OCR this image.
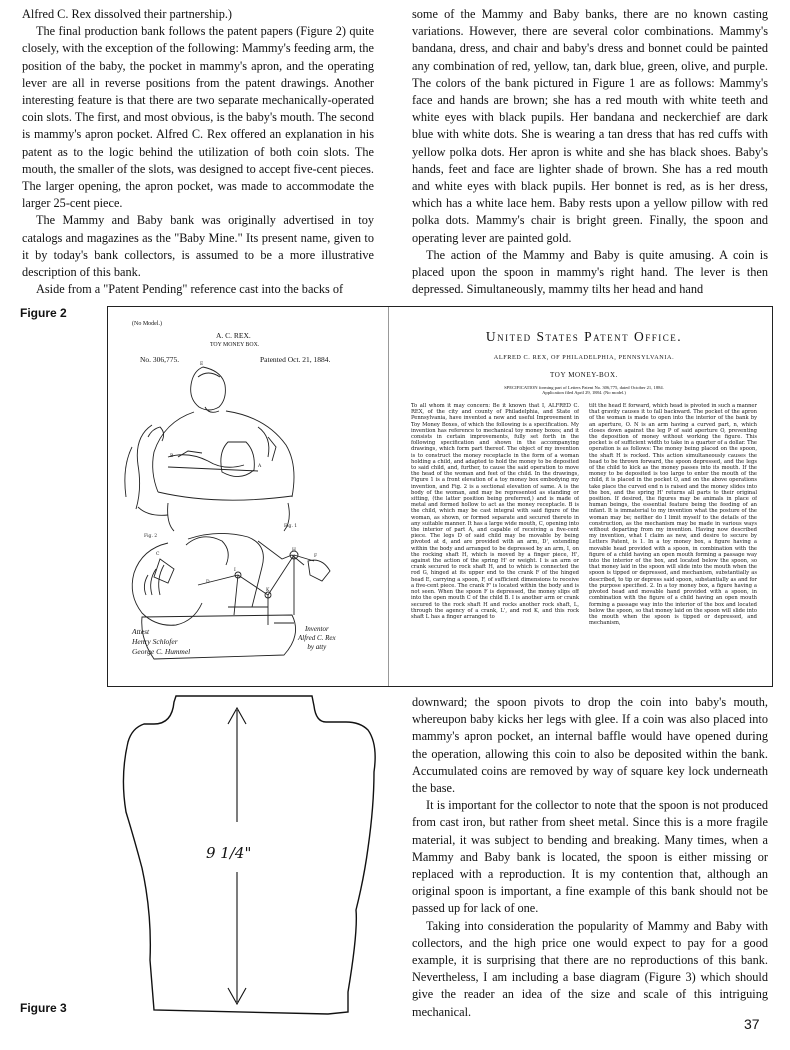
Alfred C. Rex dissolved their partnership.)

The final production bank follows the patent papers (Figure 2) quite closely, with the exception of the following: Mammy's feeding arm, the position of the baby, the pocket in mammy's apron, and the operating lever are all in reverse positions from the patent drawings. Another interesting feature is that there are two separate mechanically-operated coin slots. The first, and most obvious, is the baby's mouth. The second is mammy's apron pocket. Alfred C. Rex offered an explanation in his patent as to the logic behind the utilization of both coin slots. The mouth, the smaller of the slots, was designed to accept five-cent pieces. The larger opening, the apron pocket, was made to accommodate the larger 25-cent piece.

The Mammy and Baby bank was originally advertised in toy catalogs and magazines as the "Baby Mine." Its present name, given to it by today's bank collectors, is assumed to be a more illustrative description of this bank.

Aside from a "Patent Pending" reference cast into the backs of

some of the Mammy and Baby banks, there are no known casting variations. However, there are several color combinations. Mammy's bandana, dress, and chair and baby's dress and bonnet could be painted any combination of red, yellow, tan, dark blue, green, olive, and purple. The colors of the bank pictured in Figure 1 are as follows: Mammy's face and hands are brown; she has a red mouth with white teeth and white eyes with black pupils. Her bandana and neckerchief are dark blue with white dots. She is wearing a tan dress that has red cuffs with yellow polka dots. Her apron is white and she has black shoes. Baby's hands, feet and face are lighter shade of brown. She has a red mouth and white eyes with black pupils. Her bonnet is red, as is her dress, which has a white lace hem. Baby rests upon a yellow pillow with red polka dots. Mammy's chair is bright green. Finally, the spoon and operating lever are painted gold.

The action of the Mammy and Baby is quite amusing. A coin is placed upon the spoon in mammy's right hand. The lever is then depressed. Simultaneously, mammy tilts her head and hand

Figure 2
(No Model.)
A. C. REX.
TOY MONEY BOX.
No. 306,775.	Patented Oct. 21, 1884.
Fig. 1
Fig. 2
E
A
B
H
I
K
F
C
D
Attest
Henry Schlofer
George C. Hummel
Inventor
Alfred C. Rex
by atty
United States Patent Office.
ALFRED C. REX, OF PHILADELPHIA, PENNSYLVANIA.
TOY MONEY-BOX.
SPECIFICATION forming part of Letters Patent No. 306,775, dated October 21, 1884.
Application filed April 29, 1884. (No model.)
To all whom it may concern: Be it known that I, ALFRED C. REX, of the city and county of Philadelphia, and State of Pennsylvania, have invented a new and useful Improvement in Toy Money Boxes, of which the following is a specification. My invention has reference to mechanical toy money boxes; and it consists in certain improvements, fully set forth in the following specification and shown in the accompanying drawings, which form part thereof. The object of my invention is to construct the money receptacle in the form of a woman holding a child, and adapted to hold the money to be deposited to said child, and, further, to cause the said operation to move the head of the woman and feet of the child. In the drawings, Figure 1 is a front elevation of a toy money box embodying my invention, and Fig. 2 is a sectional elevation of same. A is the body of the woman, and may be represented as standing or sitting, (the latter position being preferred,) and is made of metal and formed hollow to act as the money receptacle. B is the child, which may be cast integral with said figure of the woman, as shown, or formed separate and secured thereto in any suitable manner. It has a large wide mouth, C, opening into the interior of part A, and capable of receiving a five-cent piece. The legs D of said child may be movable by being pivoted at d, and are provided with an arm, D', extending within the body and arranged to be depressed by an arm, I, on the rocking shaft H, which is moved by a finger piece, H', against the action of the spring H' or weight. I is an arm or crank secured to rock shaft H, and to which is connected the rod G, hinged at its upper end to the crank F of the hinged head E, carrying a spoon, F, of sufficient dimensions to receive a five-cent piece. The crank F' is located within the body and is not seen. When the spoon F is depressed, the money slips off into the open mouth C of the child B. I is another arm or crank secured to the rock shaft H and rocks another rock shaft, L, through the agency of a crank, L', and rod K, and this rock shaft L has a finger arranged to
tilt the head E forward, which head is pivoted in such a manner that gravity causes it to fall backward. The pocket of the apron of the woman is made to open into the interior of the bank by an aperture, O. N is an arm having a curved part, n, which closes down against the leg P of said aperture O, preventing the deposition of money without working the figure. This pocket is of sufficient width to take in a quarter of a dollar. The operation is as follows: The money being placed on the spoon, the shaft H is rocked. This action simultaneously causes the head to be thrown forward, the spoon depressed, and the legs of the child to kick as the money passes into its mouth. If the money to be deposited is too large to enter the mouth of the child, it is placed in the pocket O, and on the above operations take place the curved end n is raised and the money slides into the box, and the spring H' returns all parts to their original position. If desired, the figures may be animals in place of human beings, the essential feature being the feeding of an infant. It is immaterial to my invention what the posture of the woman may be; neither do I limit myself to the details of the construction, as the mechanism may be made in various ways without departing from my invention. Having now described my invention, what I claim as new, and desire to secure by Letters Patent, is 1. In a toy money box, a figure having a movable head provided with a spoon, in combination with the figure of a child having an open mouth forming a passage way into the interior of the box, and located below the spoon, so that money laid in the spoon will slide into the mouth when the spoon is tipped or depressed, and mechanism, substantially as described, to tip or depress said spoon, substantially as and for the purpose specified. 2. In a toy money box, a figure having a pivoted head and movable hand provided with a spoon, in combination with the figure of a child having an open mouth forming a passage way into the interior of the box and located below the spoon, so that money laid on the spoon will slide into the mouth when the spoon is tipped or depressed, and mechanism,
9 1/4"
Figure 3

downward; the spoon pivots to drop the coin into baby's mouth, whereupon baby kicks her legs with glee. If a coin was also placed into mammy's apron pocket, an internal baffle would have opened during the operation, allowing this coin to also be deposited within the bank. Accumulated coins are removed by way of square key lock underneath the base.

It is important for the collector to note that the spoon is not produced from cast iron, but rather from sheet metal. Since this is a more fragile material, it was subject to bending and breaking. Many times, when a Mammy and Baby bank is located, the spoon is either missing or replaced with a reproduction. It is my contention that, although an original spoon is important, a fine example of this bank should not be passed up for lack of one.

Taking into consideration the popularity of Mammy and Baby with collectors, and the high price one would expect to pay for a good example, it is surprising that there are no reproductions of this bank. Nevertheless, I am including a base diagram (Figure 3) which should give the reader an idea of the size and scale of this intriguing mechanical.

37
